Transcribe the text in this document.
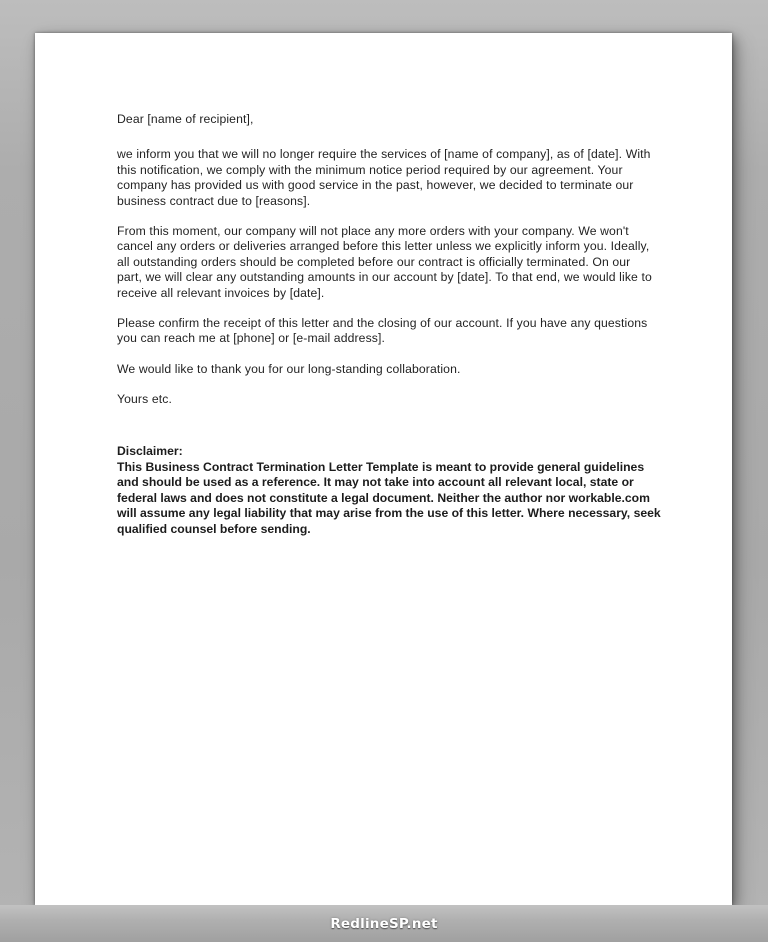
Dear [name of recipient],

we inform you that we will no longer require the services of [name of company], as of [date]. With this notification, we comply with the minimum notice period required by our agreement. Your company has provided us with good service in the past, however, we decided to terminate our business contract due to [reasons].

From this moment, our company will not place any more orders with your company. We won't cancel any orders or deliveries arranged before this letter unless we explicitly inform you. Ideally, all outstanding orders should be completed before our contract is officially terminated. On our part, we will clear any outstanding amounts in our account by [date]. To that end, we would like to receive all relevant invoices by [date].

Please confirm the receipt of this letter and the closing of our account. If you have any questions you can reach me at [phone] or [e-mail address].

We would like to thank you for our long-standing collaboration.

Yours etc.

Disclaimer:

This Business Contract Termination Letter Template is meant to provide general guidelines and should be used as a reference. It may not take into account all relevant local, state or federal laws and does not constitute a legal document. Neither the author nor workable.com will assume any legal liability that may arise from the use of this letter. Where necessary, seek qualified counsel before sending.

RedlineSP.net
